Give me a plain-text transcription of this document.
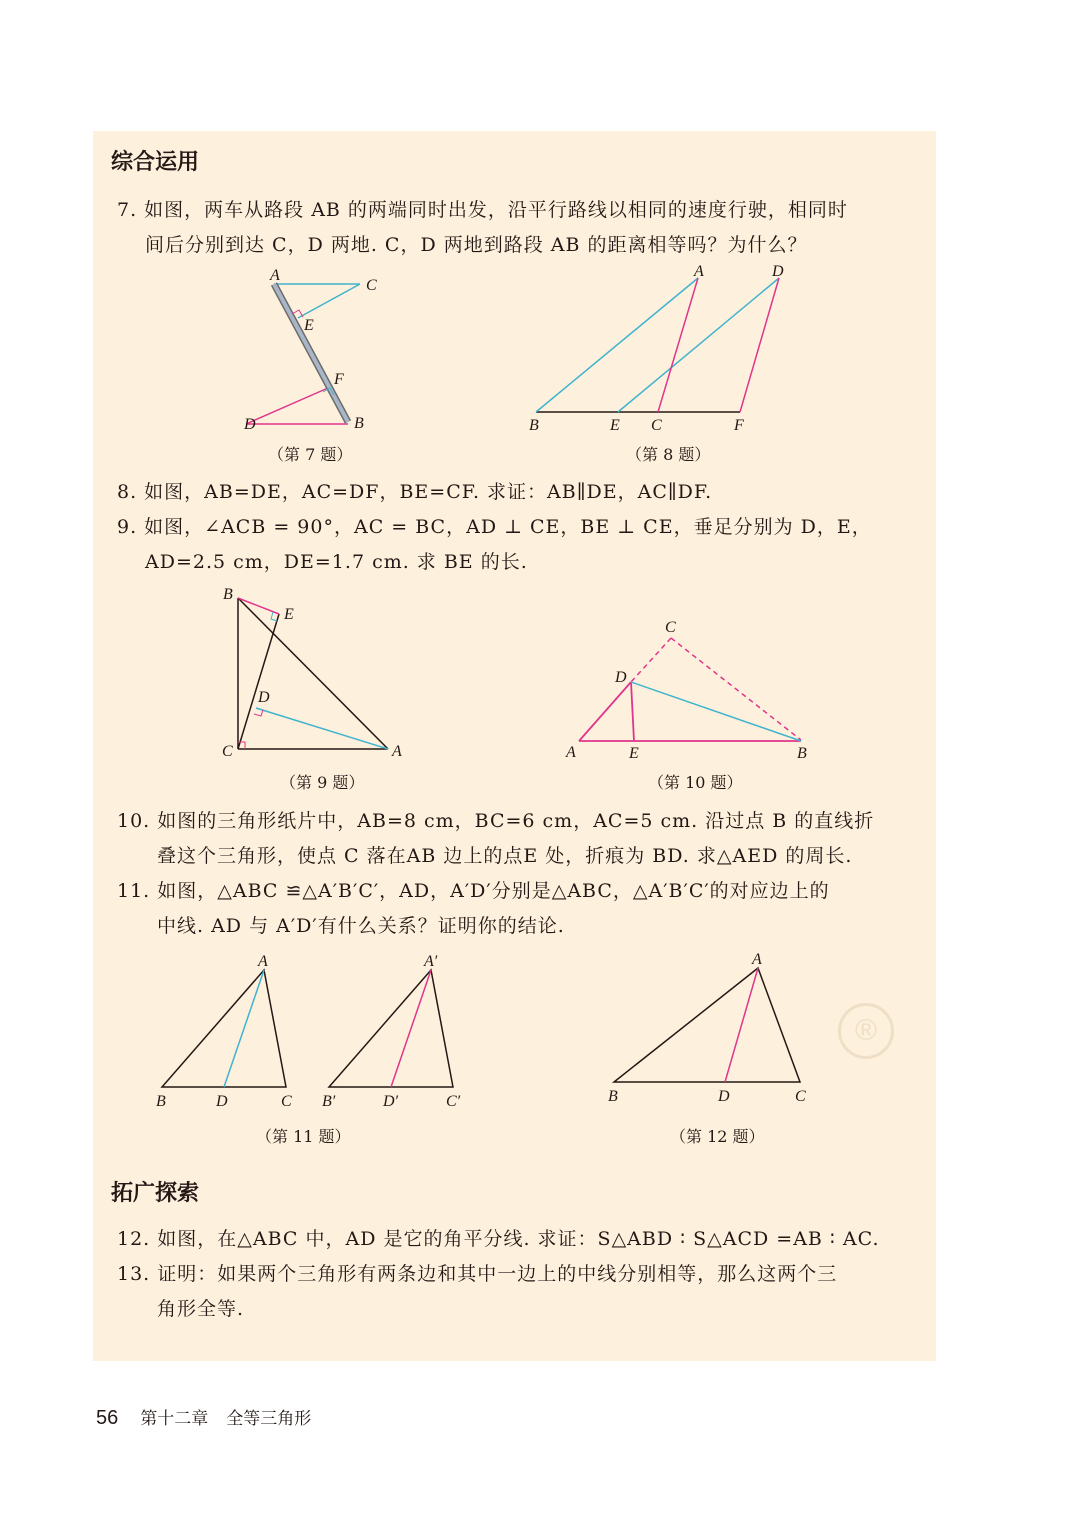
综合运用
7. 如图，两车从路段 AB 的两端同时出发，沿平行路线以相同的速度行驶，相同时
间后分别到达 C，D 两地. C，D 两地到路段 AB 的距离相等吗？为什么？
A
C
E
F
D	B
（第 7 题）
A	D
B	E C	F
（第 8 题）
8. 如图，AB=DE，AC=DF，BE=CF. 求证：AB∥DE，AC∥DF.
9. 如图，∠ACB = 90°，AC = BC，AD ⊥ CE，BE ⊥ CE，垂足分别为 D，E，
AD=2.5 cm，DE=1.7 cm. 求 BE 的长.
B
E
D
C	A
（第 9 题）
C
D
A	E	B
（第 10 题）
10. 如图的三角形纸片中，AB=8 cm，BC=6 cm，AC=5 cm. 沿过点 B 的直线折
叠这个三角形，使点 C 落在AB 边上的点E 处，折痕为 BD. 求△AED 的周长.
11. 如图，△ABC ≌△A′B′C′，AD，A′D′分别是△ABC，△A′B′C′的对应边上的
中线. AD 与 A′D′有什么关系？证明你的结论.
A
B	D	C
A′
B′	D′	C′
（第 11 题）
A
B	D	C
（第 12 题）
®
拓广探索
12. 如图，在△ABC 中，AD 是它的角平分线. 求证：S△ABD ∶ S△ACD =AB ∶ AC.
13. 证明：如果两个三角形有两条边和其中一边上的中线分别相等，那么这两个三
角形全等.
56 第十二章 全等三角形
